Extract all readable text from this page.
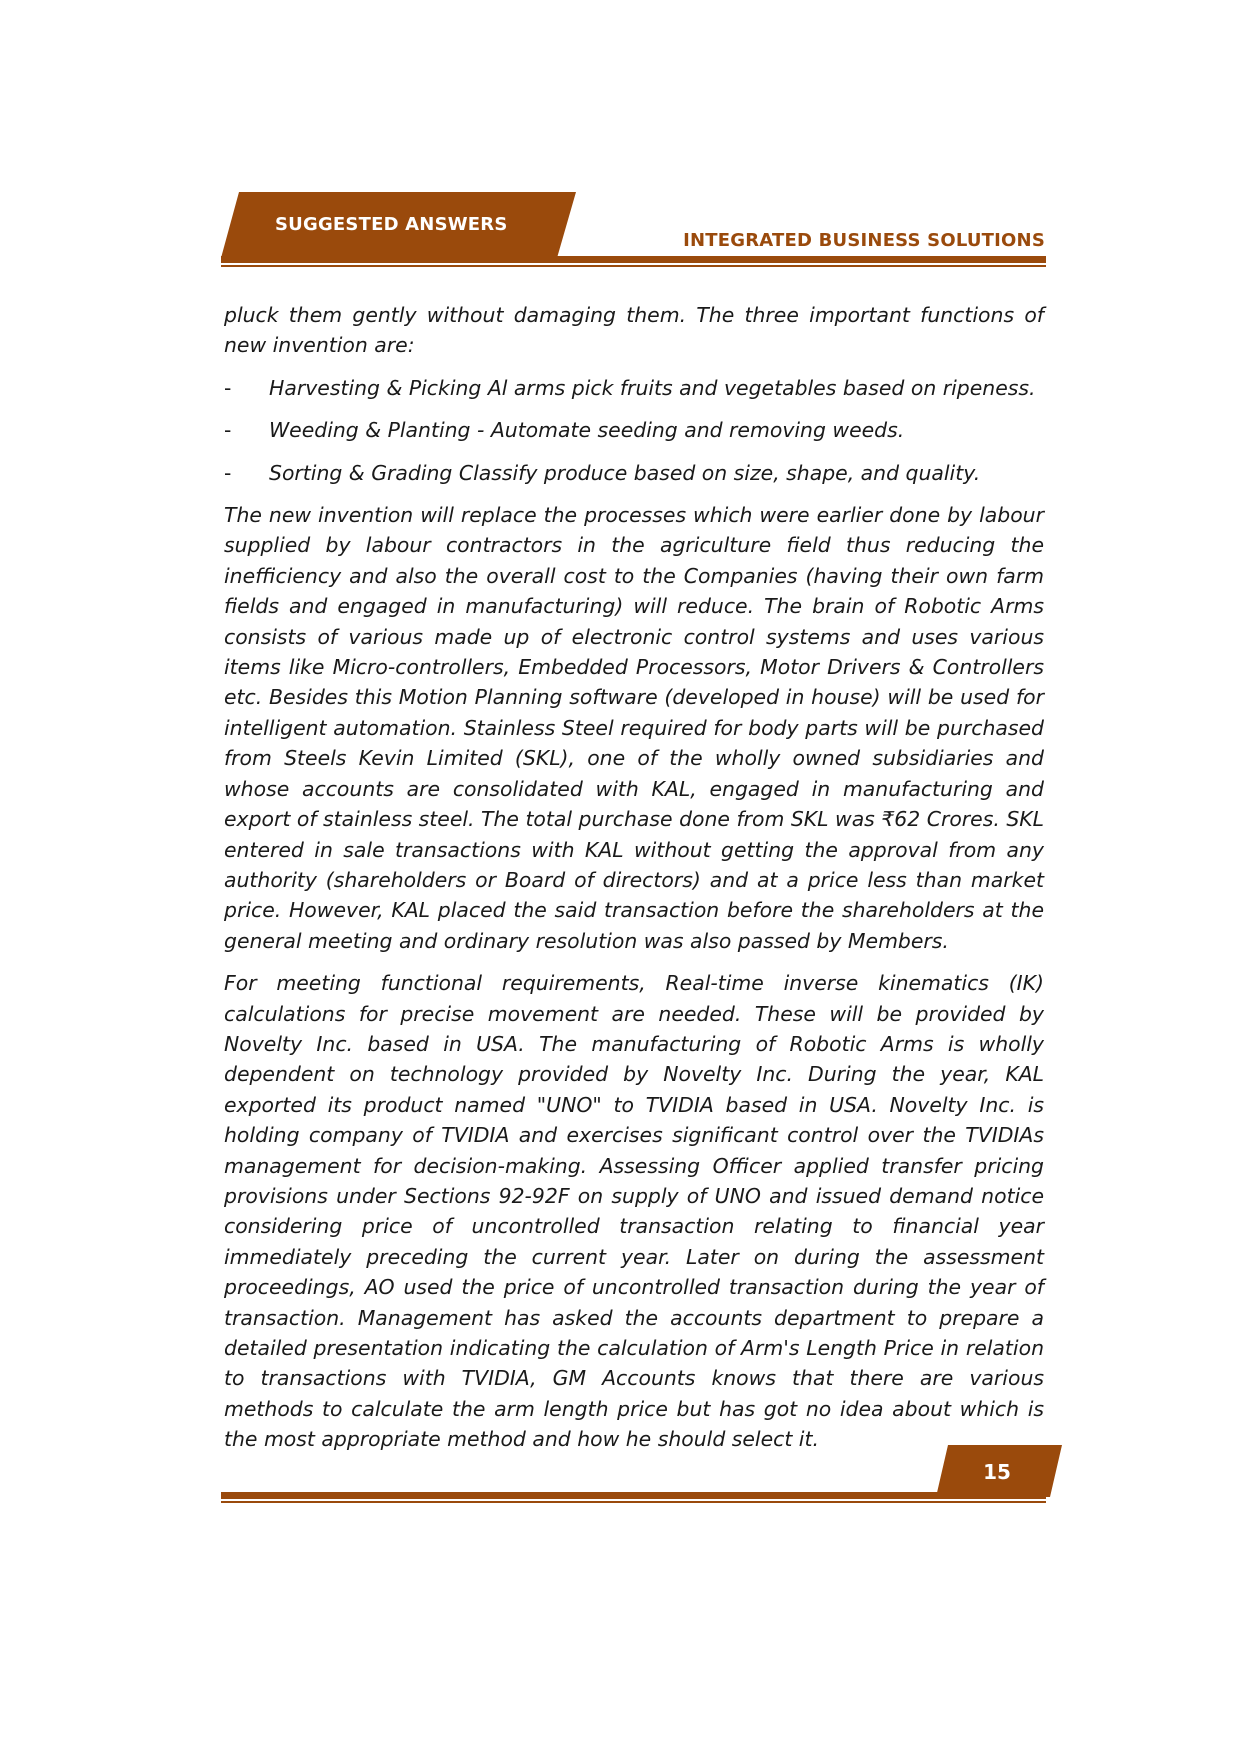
SUGGESTED ANSWERS
INTEGRATED BUSINESS SOLUTIONS

pluck them gently without damaging them. The three important functions of new invention are:

- Harvesting & Picking Al arms pick fruits and vegetables based on ripeness.
- Weeding & Planting - Automate seeding and removing weeds.
- Sorting & Grading Classify produce based on size, shape, and quality.

The new invention will replace the processes which were earlier done by labour supplied by labour contractors in the agriculture field thus reducing the inefficiency and also the overall cost to the Companies (having their own farm fields and engaged in manufacturing) will reduce. The brain of Robotic Arms consists of various made up of electronic control systems and uses various items like Micro-controllers, Embedded Processors, Motor Drivers & Controllers etc. Besides this Motion Planning software (developed in house) will be used for intelligent automation. Stainless Steel required for body parts will be purchased from Steels Kevin Limited (SKL), one of the wholly owned subsidiaries and whose accounts are consolidated with KAL, engaged in manufacturing and export of stainless steel. The total purchase done from SKL was ₹62 Crores. SKL entered in sale transactions with KAL without getting the approval from any authority (shareholders or Board of directors) and at a price less than market price. However, KAL placed the said transaction before the shareholders at the general meeting and ordinary resolution was also passed by Members.

For meeting functional requirements, Real-time inverse kinematics (IK) calculations for precise movement are needed. These will be provided by Novelty Inc. based in USA. The manufacturing of Robotic Arms is wholly dependent on technology provided by Novelty Inc. During the year, KAL exported its product named "UNO" to TVIDIA based in USA. Novelty Inc. is holding company of TVIDIA and exercises significant control over the TVIDIAs management for decision-making. Assessing Officer applied transfer pricing provisions under Sections 92-92F on supply of UNO and issued demand notice considering price of uncontrolled transaction relating to financial year immediately preceding the current year. Later on during the assessment proceedings, AO used the price of uncontrolled transaction during the year of transaction. Management has asked the accounts department to prepare a detailed presentation indicating the calculation of Arm's Length Price in relation to transactions with TVIDIA, GM Accounts knows that there are various methods to calculate the arm length price but has got no idea about which is the most appropriate method and how he should select it.

15
